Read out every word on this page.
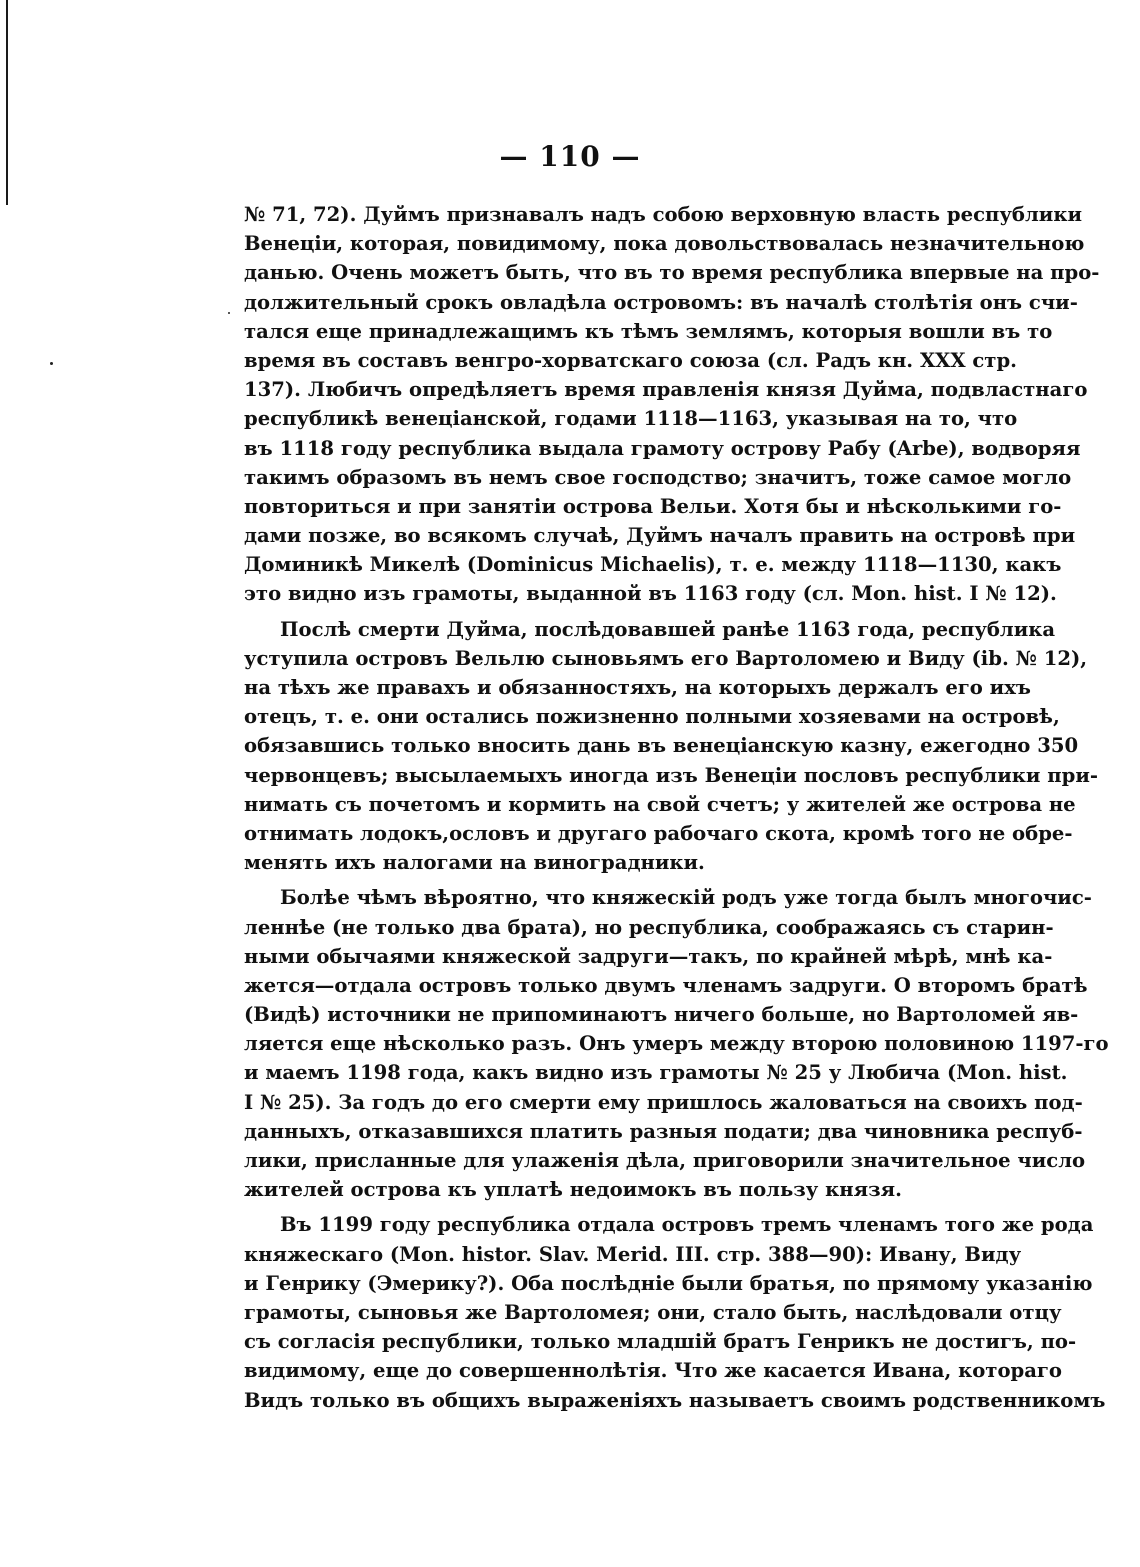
— 110 —
№ 71, 72). Дуймъ признавалъ надъ собою верховную власть республики
Венеціи, которая, повидимому, пока довольствовалась незначительною
данью. Очень можетъ быть, что въ то время республика впервые на про-
должительный срокъ овладѣла островомъ: въ началѣ столѣтія онъ счи-
тался еще принадлежащимъ къ тѣмъ землямъ, которыя вошли въ то
время въ составъ венгро-хорватскаго союза (сл. Радъ кн. XXX стр.
137). Любичъ опредѣляетъ время правленія князя Дуйма, подвластнаго
республикѣ венеціанской, годами 1118—1163, указывая на то, что
въ 1118 году республика выдала грамоту острову Рабу (Arbe), водворяя
такимъ образомъ въ немъ свое господство; значитъ, тоже самое могло
повториться и при занятіи острова Вельи. Хотя бы и нѣсколькими го-
дами позже, во всякомъ случаѣ, Дуймъ началъ править на островѣ при
Доминикѣ Микелѣ (Dominicus Michaelis), т. е. между 1118—1130, какъ
это видно изъ грамоты, выданной въ 1163 году (сл. Mon. hist. I № 12).
Послѣ смерти Дуйма, послѣдовавшей ранѣе 1163 года, республика
уступила островъ Вельлю сыновьямъ его Вартоломею и Виду (ib. № 12),
на тѣхъ же правахъ и обязанностяхъ, на которыхъ держалъ его ихъ
отецъ, т. е. они остались пожизненно полными хозяевами на островѣ,
обязавшись только вносить дань въ венеціанскую казну, ежегодно 350
червонцевъ; высылаемыхъ иногда изъ Венеціи пословъ республики при-
нимать съ почетомъ и кормить на свой счетъ; у жителей же острова не
отнимать лодокъ,ословъ и другаго рабочаго скота, кромѣ того не обре-
менять ихъ налогами на виноградники.
Болѣе чѣмъ вѣроятно, что княжескій родъ уже тогда былъ многочис-
леннѣе (не только два брата), но республика, соображаясь съ старин-
ными обычаями княжеской задруги—такъ, по крайней мѣрѣ, мнѣ ка-
жется—отдала островъ только двумъ членамъ задруги. О второмъ братѣ
(Видѣ) источники не припоминаютъ ничего больше, но Вартоломей яв-
ляется еще нѣсколько разъ. Онъ умеръ между второю половиною 1197-го
и маемъ 1198 года, какъ видно изъ грамоты № 25 у Любича (Mon. hist.
I № 25). За годъ до его смерти ему пришлось жаловаться на своихъ под-
данныхъ, отказавшихся платить разныя подати; два чиновника респуб-
лики, присланные для улаженія дѣла, приговорили значительное число
жителей острова къ уплатѣ недоимокъ въ пользу князя.
Въ 1199 году республика отдала островъ тремъ членамъ того же рода
княжескаго (Mon. histor. Slav. Merid. III. стр. 388—90): Ивану, Виду
и Генрику (Эмерику?). Оба послѣдніе были братья, по прямому указанію
грамоты, сыновья же Вартоломея; они, стало быть, наслѣдовали отцу
съ согласія республики, только младшій братъ Генрикъ не достигъ, по-
видимому, еще до совершеннолѣтія. Что же касается Ивана, котораго
Видъ только въ общихъ выраженіяхъ называетъ своимъ родственникомъ
